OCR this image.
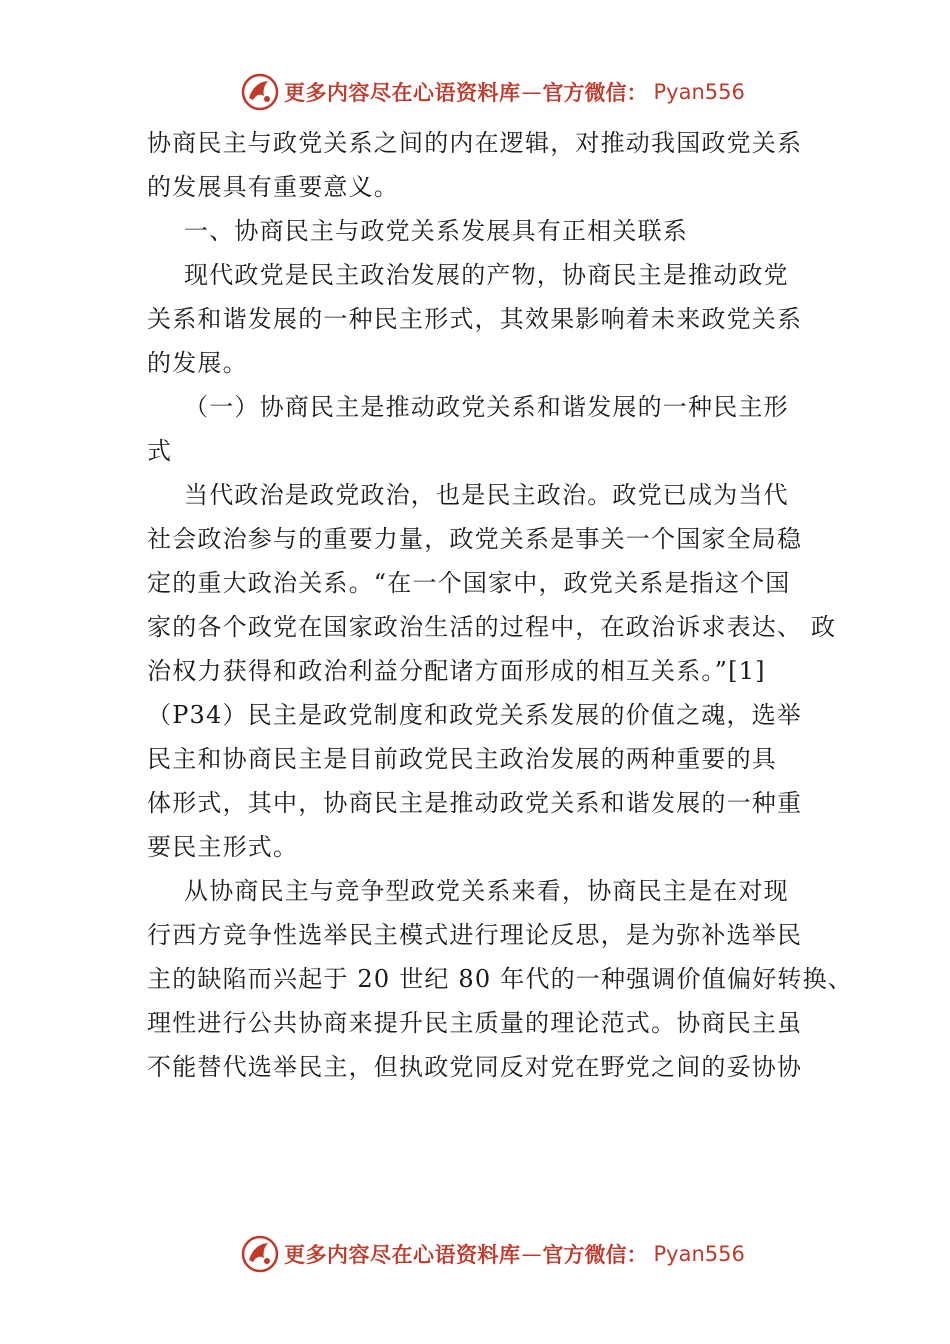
更多内容尽在心语资料库 — 官方微信： Pyan556
协商民主与政党关系之间的内在逻辑，对推动我国政党关系
的发展具有重要意义。
一、协商民主与政党关系发展具有正相关联系
现代政党是民主政治发展的产物，协商民主是推动政党
关系和谐发展的一种民主形式，其效果影响着未来政党关系
的发展。
（一）协商民主是推动政党关系和谐发展的一种民主形
式
当代政治是政党政治，也是民主政治。政党已成为当代
社会政治参与的重要力量，政党关系是事关一个国家全局稳
定的重大政治关系。“在一个国家中，政党关系是指这个国
家的各个政党在国家政治生活的过程中，在政治诉求表达、 政
治权力获得和政治利益分配诸方面形成的相互关系。”[1]
（P34）民主是政党制度和政党关系发展的价值之魂，选举
民主和协商民主是目前政党民主政治发展的两种重要的具
体形式，其中，协商民主是推动政党关系和谐发展的一种重
要民主形式。
从协商民主与竞争型政党关系来看，协商民主是在对现
行西方竞争性选举民主模式进行理论反思，是为弥补选举民
主的缺陷而兴起于 20 世纪 80 年代的一种强调价值偏好转换、
理性进行公共协商来提升民主质量的理论范式。协商民主虽
不能替代选举民主，但执政党同反对党在野党之间的妥协协
更多内容尽在心语资料库 — 官方微信： Pyan556
